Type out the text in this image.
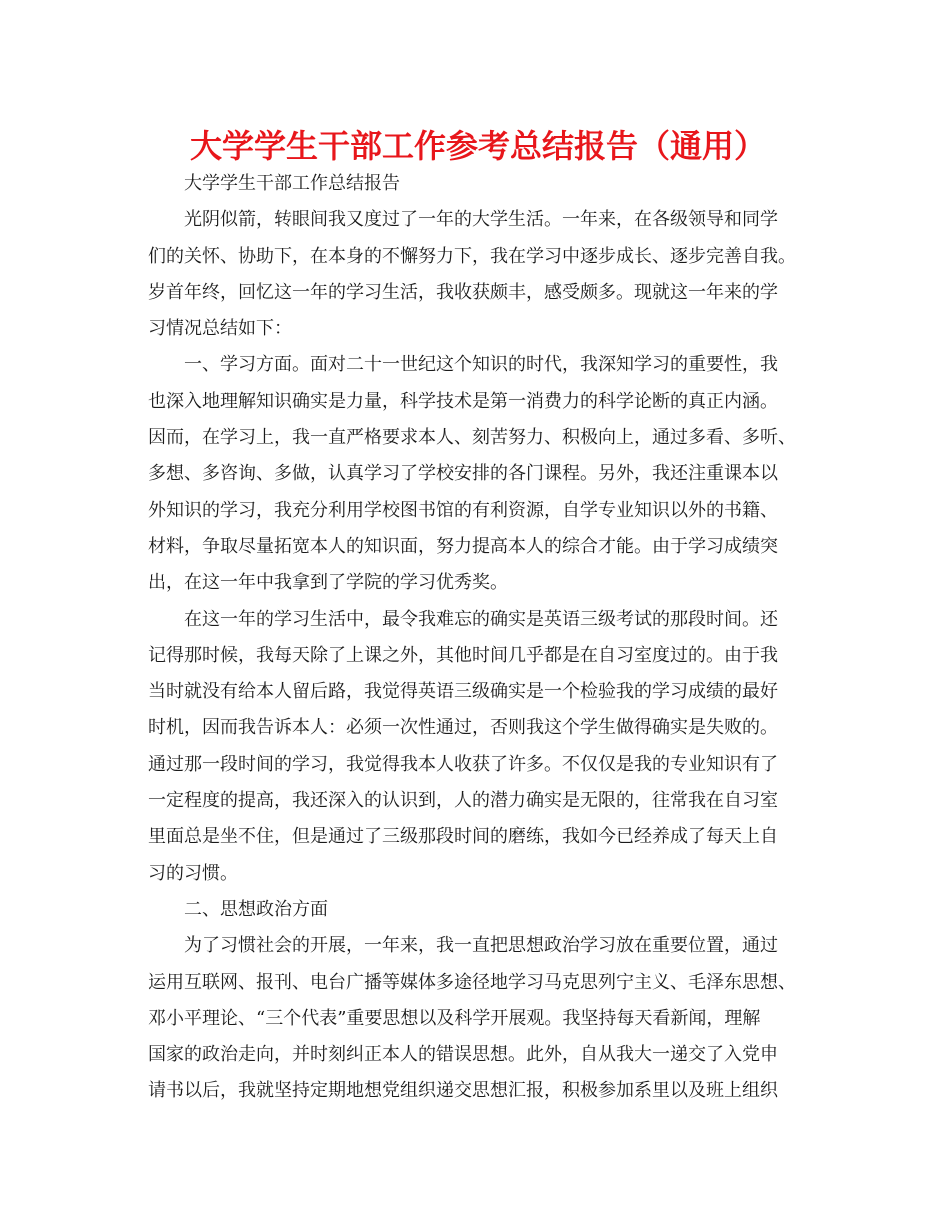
大学学生干部工作参考总结报告（通用）
大学学生干部工作总结报告
光阴似箭，转眼间我又度过了一年的大学生活。一年来，在各级领导和同学
们的关怀、协助下，在本身的不懈努力下，我在学习中逐步成长、逐步完善自我。
岁首年终，回忆这一年的学习生活，我收获颇丰，感受颇多。现就这一年来的学
习情况总结如下：
一、学习方面。面对二十一世纪这个知识的时代，我深知学习的重要性，我
也深入地理解知识确实是力量，科学技术是第一消费力的科学论断的真正内涵。
因而，在学习上，我一直严格要求本人、刻苦努力、积极向上，通过多看、多听、
多想、多咨询、多做，认真学习了学校安排的各门课程。另外，我还注重课本以
外知识的学习，我充分利用学校图书馆的有利资源，自学专业知识以外的书籍、
材料，争取尽量拓宽本人的知识面，努力提高本人的综合才能。由于学习成绩突
出，在这一年中我拿到了学院的学习优秀奖。
在这一年的学习生活中，最令我难忘的确实是英语三级考试的那段时间。还
记得那时候，我每天除了上课之外，其他时间几乎都是在自习室度过的。由于我
当时就没有给本人留后路，我觉得英语三级确实是一个检验我的学习成绩的最好
时机，因而我告诉本人：必须一次性通过，否则我这个学生做得确实是失败的。
通过那一段时间的学习，我觉得我本人收获了许多。不仅仅是我的专业知识有了
一定程度的提高，我还深入的认识到，人的潜力确实是无限的，往常我在自习室
里面总是坐不住，但是通过了三级那段时间的磨练，我如今已经养成了每天上自
习的习惯。
二、思想政治方面
为了习惯社会的开展，一年来，我一直把思想政治学习放在重要位置，通过
运用互联网、报刊、电台广播等媒体多途径地学习马克思列宁主义、毛泽东思想、
邓小平理论、“三个代表”重要思想以及科学开展观。我坚持每天看新闻，理解
国家的政治走向，并时刻纠正本人的错误思想。此外，自从我大一递交了入党申
请书以后，我就坚持定期地想党组织递交思想汇报，积极参加系里以及班上组织
